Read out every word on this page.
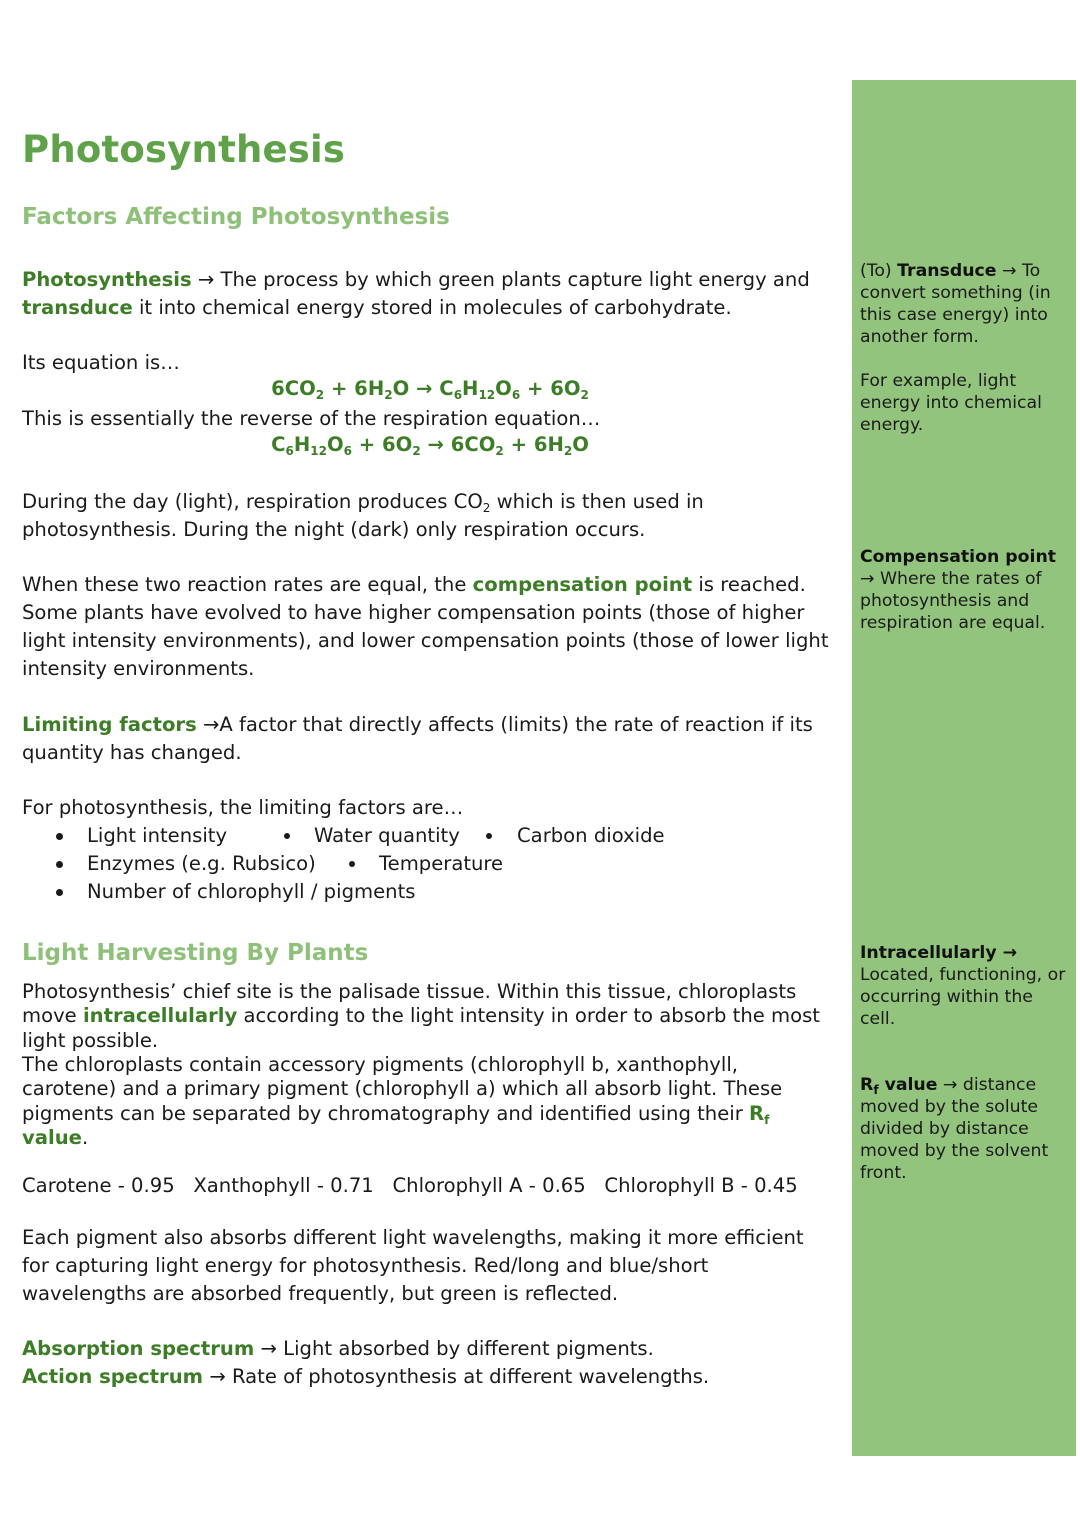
Photosynthesis
Factors Affecting Photosynthesis
Photosynthesis → The process by which green plants capture light energy and transduce it into chemical energy stored in molecules of carbohydrate.
Its equation is…
$6CO_2 + 6H_2O \to C_6H_{12}O_6 + 6O_2$
This is essentially the reverse of the respiration equation…
$C_6H_{12}O_6 + 6O_2 \to 6CO_2 + 6H_2O$
During the day (light), respiration produces $CO_2$ which is then used in photosynthesis. During the night (dark) only respiration occurs.
When these two reaction rates are equal, the compensation point is reached. Some plants have evolved to have higher compensation points (those of higher light intensity environments), and lower compensation points (those of lower light intensity environments.
Limiting factors →A factor that directly affects (limits) the rate of reaction if its quantity has changed.
For photosynthesis, the limiting factors are…
Light intensity	Water quantity	Carbon dioxide
Enzymes (e.g. Rubsico)	Temperature
Number of chlorophyll / pigments
Light Harvesting By Plants
Photosynthesis’ chief site is the palisade tissue. Within this tissue, chloroplasts move intracellularly according to the light intensity in order to absorb the most light possible.
The chloroplasts contain accessory pigments (chlorophyll b, xanthophyll, carotene) and a primary pigment (chlorophyll a) which all absorb light. These pigments can be separated by chromatography and identified using their $R_f$ value.
Carotene - 0.95   Xanthophyll - 0.71   Chlorophyll A - 0.65   Chlorophyll B - 0.45
Each pigment also absorbs different light wavelengths, making it more efficient for capturing light energy for photosynthesis. Red/long and blue/short wavelengths are absorbed frequently, but green is reflected.
Absorption spectrum → Light absorbed by different pigments.
Action spectrum → Rate of photosynthesis at different wavelengths.
(To) Transduce → To convert something (in this case energy) into another form.
For example, light energy into chemical energy.
Compensation point
→ Where the rates of photosynthesis and respiration are equal.
Intracellularly →
Located, functioning, or occurring within the cell.
$R_f$ value → distance moved by the solute divided by distance moved by the solvent front.
